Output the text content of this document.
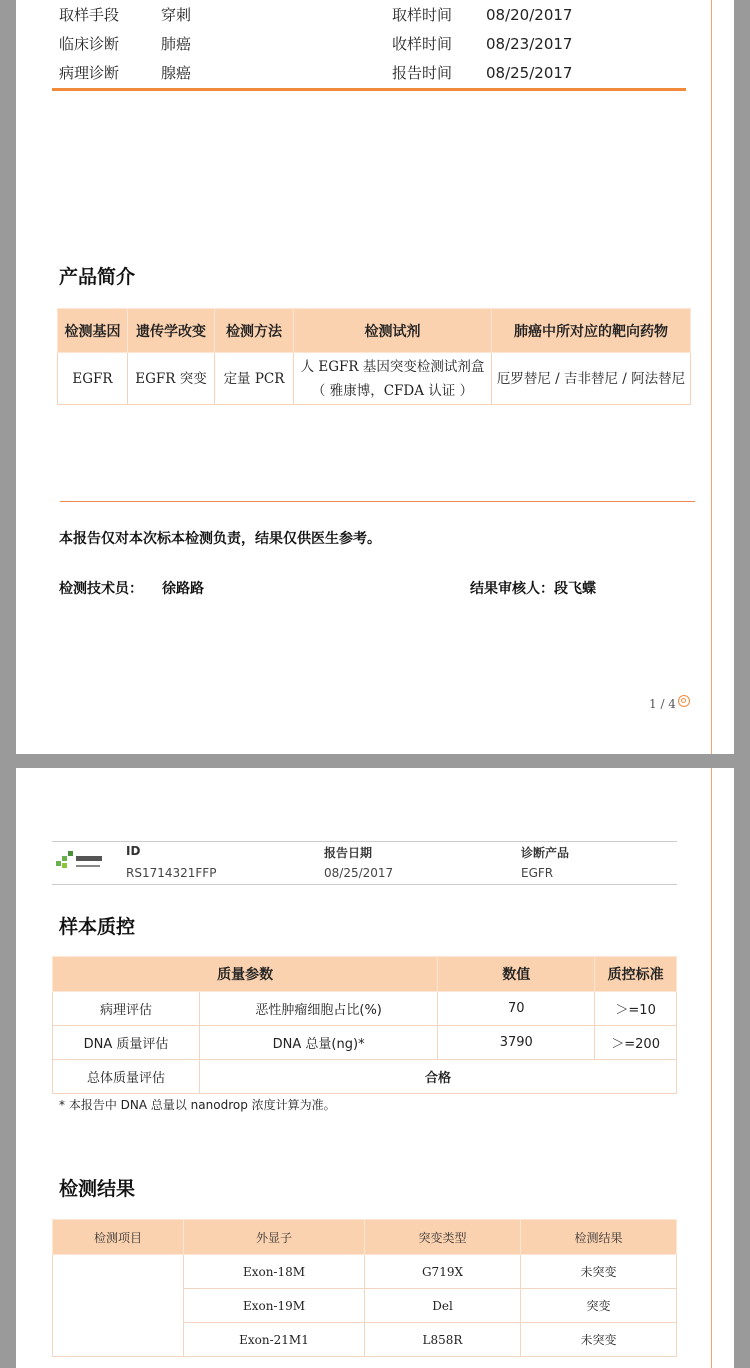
取样手段	穿刺	取样时间 08/20/2017
临床诊断	肺癌	收样时间 08/23/2017
病理诊断	腺癌	报告时间 08/25/2017
产品简介
检测基因	遗传学改变	检测方法	检测试剂	肺癌中所对应的靶向药物
EGFR	EGFR 突变	定量 PCR	人 EGFR 基因突变检测试剂盒
（ 雅康博，CFDA 认证 ）	厄罗替尼 / 吉非替尼 / 阿法替尼
本报告仅对本次标本检测负责，结果仅供医生参考。
检测技术员： 徐路路	结果审核人：段飞蝶
1 / 4
ID
RS1714321FFP
报告日期
08/25/2017
诊断产品
EGFR
样本质控
质量参数		数值	质控标准
病理评估	恶性肿瘤细胞占比(%)	70	＞=10
DNA 质量评估	DNA 总量(ng)*	3790	＞=200
总体质量评估	合格		
* 本报告中 DNA 总量以 nanodrop 浓度计算为准。
检测结果
检测项目	外显子	突变类型	检测结果
	Exon-18M	G719X	未突变
	Exon-19M	Del	突变
	Exon-21M1	L858R	未突变
